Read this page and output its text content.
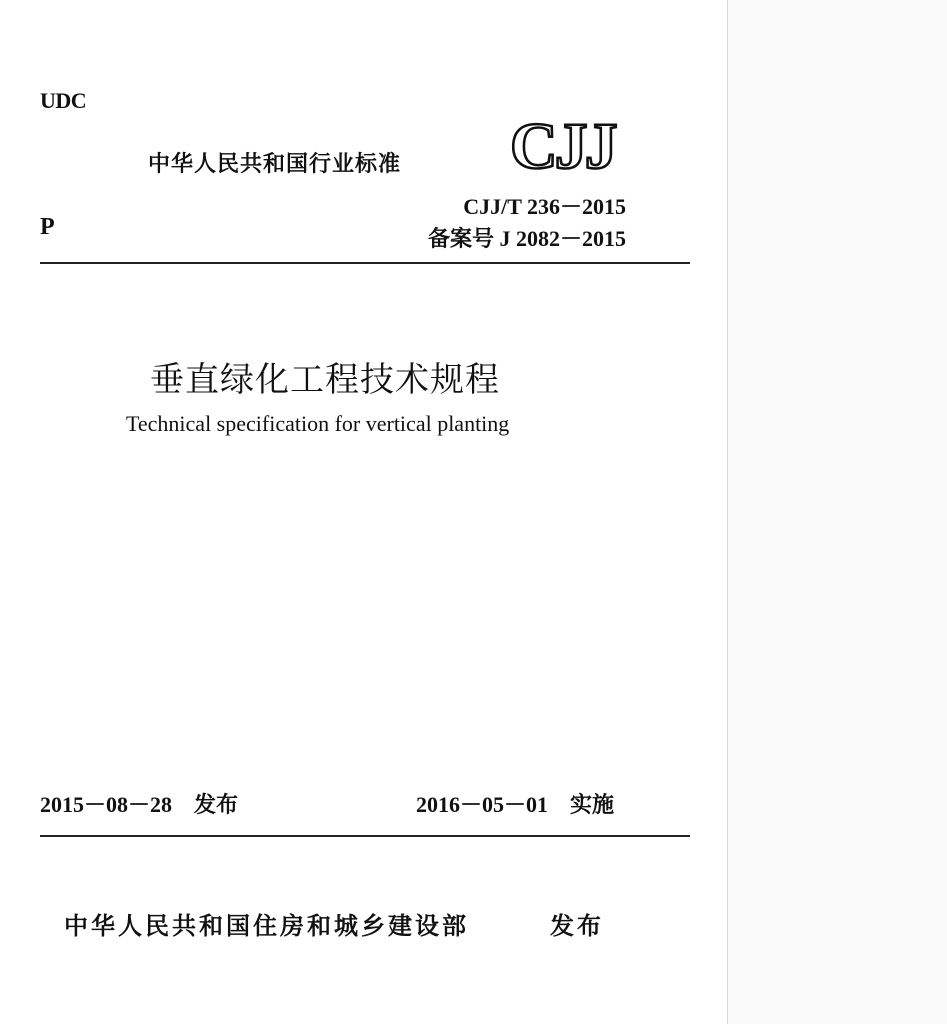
UDC
中华人民共和国行业标准 CJJ
P
CJJ/T 236－2015
备案号 J 2082－2015
垂直绿化工程技术规程
Technical specification for vertical planting
2015－08－28 发布	2016－05－01 实施
中华人民共和国住房和城乡建设部	发布
